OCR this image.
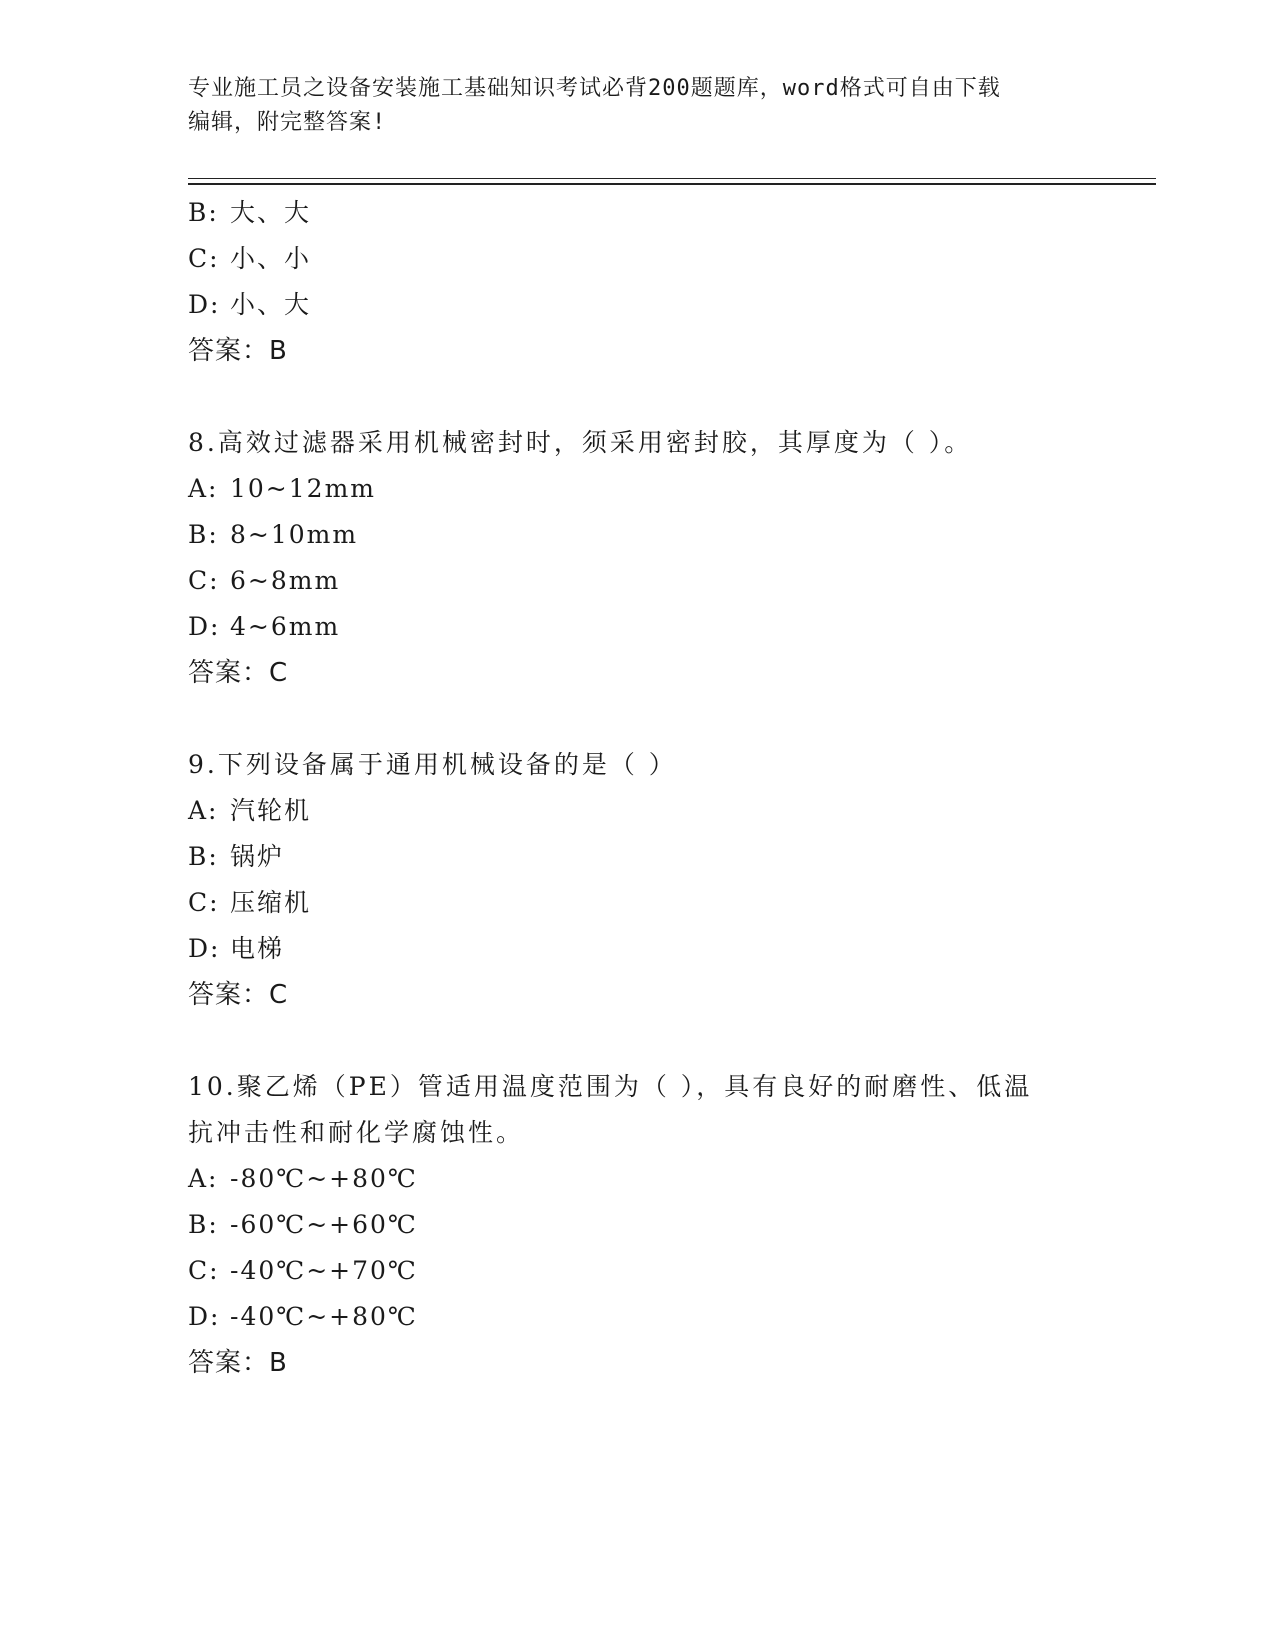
专业施工员之设备安装施工基础知识考试必背200题题库，word格式可自由下载
编辑，附完整答案!
B: 大、大
C: 小、小
D: 小、大
答案：B
8.高效过滤器采用机械密封时，须采用密封胶，其厚度为（ ）。
A: 10~12mm
B: 8~10mm
C: 6~8mm
D: 4~6mm
答案：C
9.下列设备属于通用机械设备的是（ ）
A: 汽轮机
B: 锅炉
C: 压缩机
D: 电梯
答案：C
10.聚乙烯（PE）管适用温度范围为（ ），具有良好的耐磨性、低温
抗冲击性和耐化学腐蚀性。
A: -80℃~+80℃
B: -60℃~+60℃
C: -40℃~+70℃
D: -40℃~+80℃
答案：B
